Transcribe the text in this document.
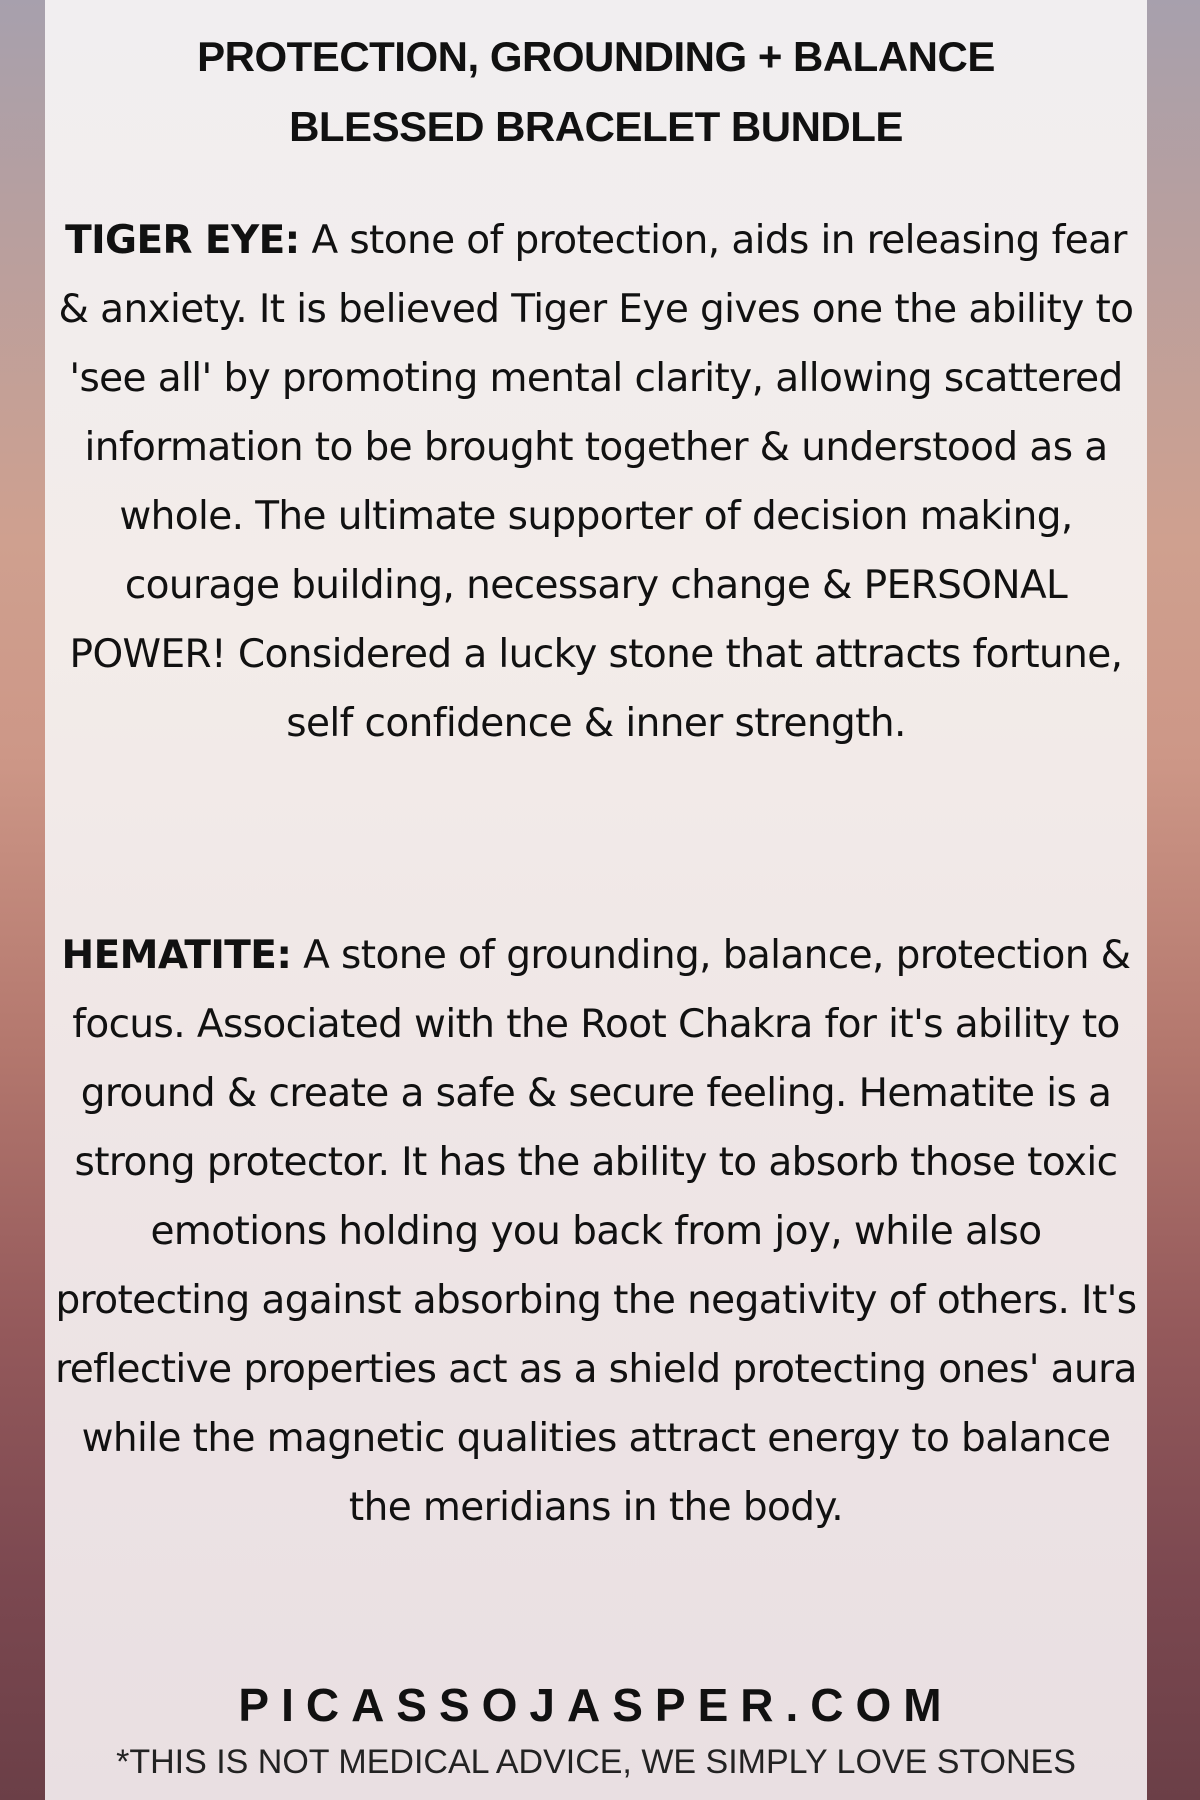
PROTECTION, GROUNDING + BALANCE
BLESSED BRACELET BUNDLE

TIGER EYE: A stone of protection, aids in releasing fear & anxiety. It is believed Tiger Eye gives one the ability to 'see all' by promoting mental clarity, allowing scattered information to be brought together & understood as a whole. The ultimate supporter of decision making, courage building, necessary change & PERSONAL POWER! Considered a lucky stone that attracts fortune, self confidence & inner strength.

HEMATITE: A stone of grounding, balance, protection & focus. Associated with the Root Chakra for it's ability to ground & create a safe & secure feeling. Hematite is a strong protector. It has the ability to absorb those toxic emotions holding you back from joy, while also protecting against absorbing the negativity of others. It's reflective properties act as a shield protecting ones' aura while the magnetic qualities attract energy to balance the meridians in the body.

PICASSOJASPER.COM
*THIS IS NOT MEDICAL ADVICE, WE SIMPLY LOVE STONES
